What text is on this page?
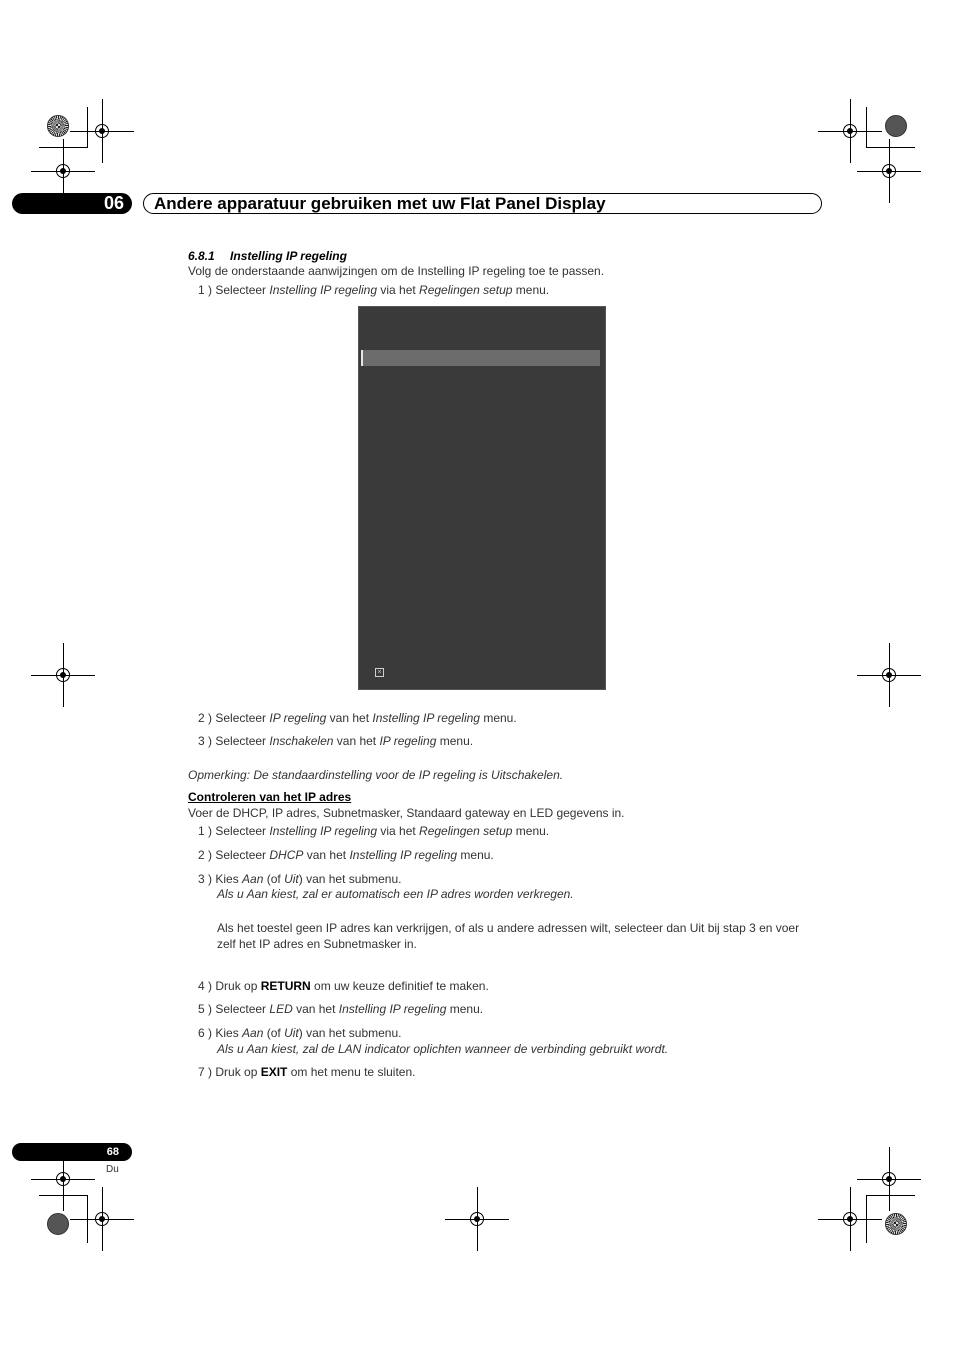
06	Andere apparatuur gebruiken met uw Flat Panel Display
6.8.1 Instelling IP regeling
Volg de onderstaande aanwijzingen om de Instelling IP regeling toe te passen.
1 ) Selecteer Instelling IP regeling via het Regelingen setup menu.
×
2 ) Selecteer IP regeling van het Instelling IP regeling menu.
3 ) Selecteer Inschakelen van het IP regeling menu.
Opmerking: De standaardinstelling voor de IP regeling is Uitschakelen.
Controleren van het IP adres
Voer de DHCP, IP adres, Subnetmasker, Standaard gateway en LED gegevens in.
1 ) Selecteer Instelling IP regeling via het Regelingen setup menu.
2 ) Selecteer DHCP van het Instelling IP regeling menu.
3 ) Kies Aan (of Uit) van het submenu.
Als u Aan kiest, zal er automatisch een IP adres worden verkregen.
Als het toestel geen IP adres kan verkrijgen, of als u andere adressen wilt, selecteer dan Uit bij stap 3 en voer
zelf het IP adres en Subnetmasker in.
4 ) Druk op RETURN om uw keuze definitief te maken.
5 ) Selecteer LED van het Instelling IP regeling menu.
6 ) Kies Aan (of Uit) van het submenu.
Als u Aan kiest, zal de LAN indicator oplichten wanneer de verbinding gebruikt wordt.
7 ) Druk op EXIT om het menu te sluiten.
68
Du
